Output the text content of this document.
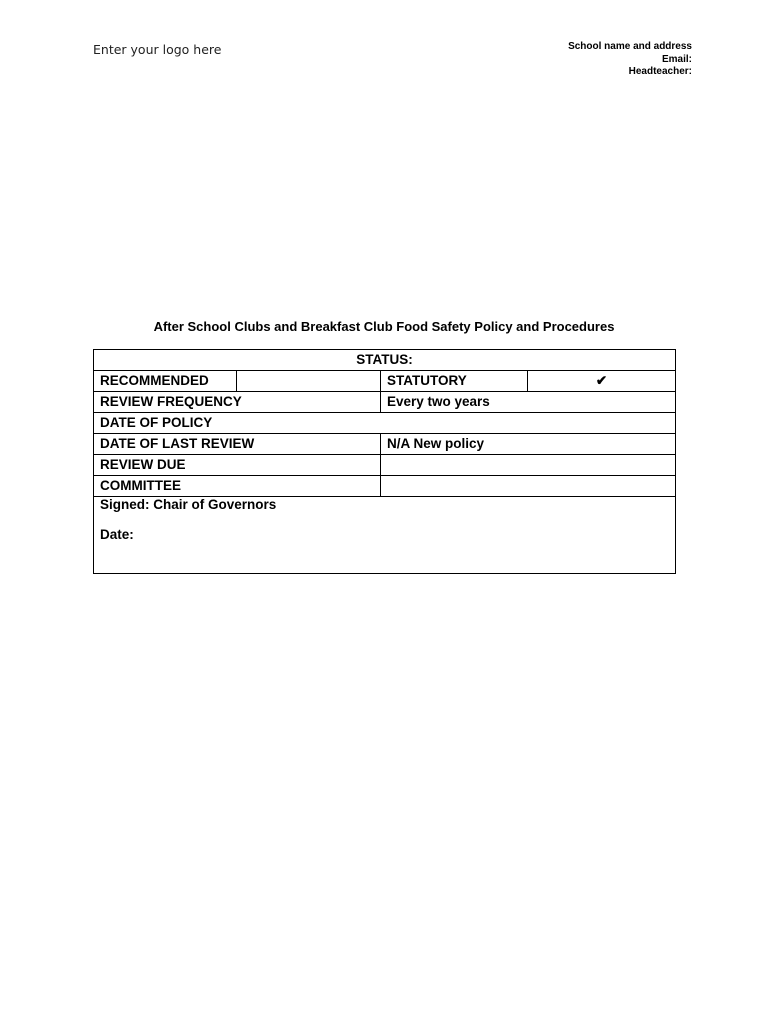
Enter your logo here	School name and address
Email:
Headteacher:
After School Clubs and Breakfast Club Food Safety Policy and Procedures
STATUS:			
RECOMMENDED		STATUTORY	✔
REVIEW FREQUENCY		Every two years	
DATE OF POLICY			
DATE OF LAST REVIEW		N/A New policy	
REVIEW DUE			
COMMITTEE			

Signed: Chair of Governors
Date:			
